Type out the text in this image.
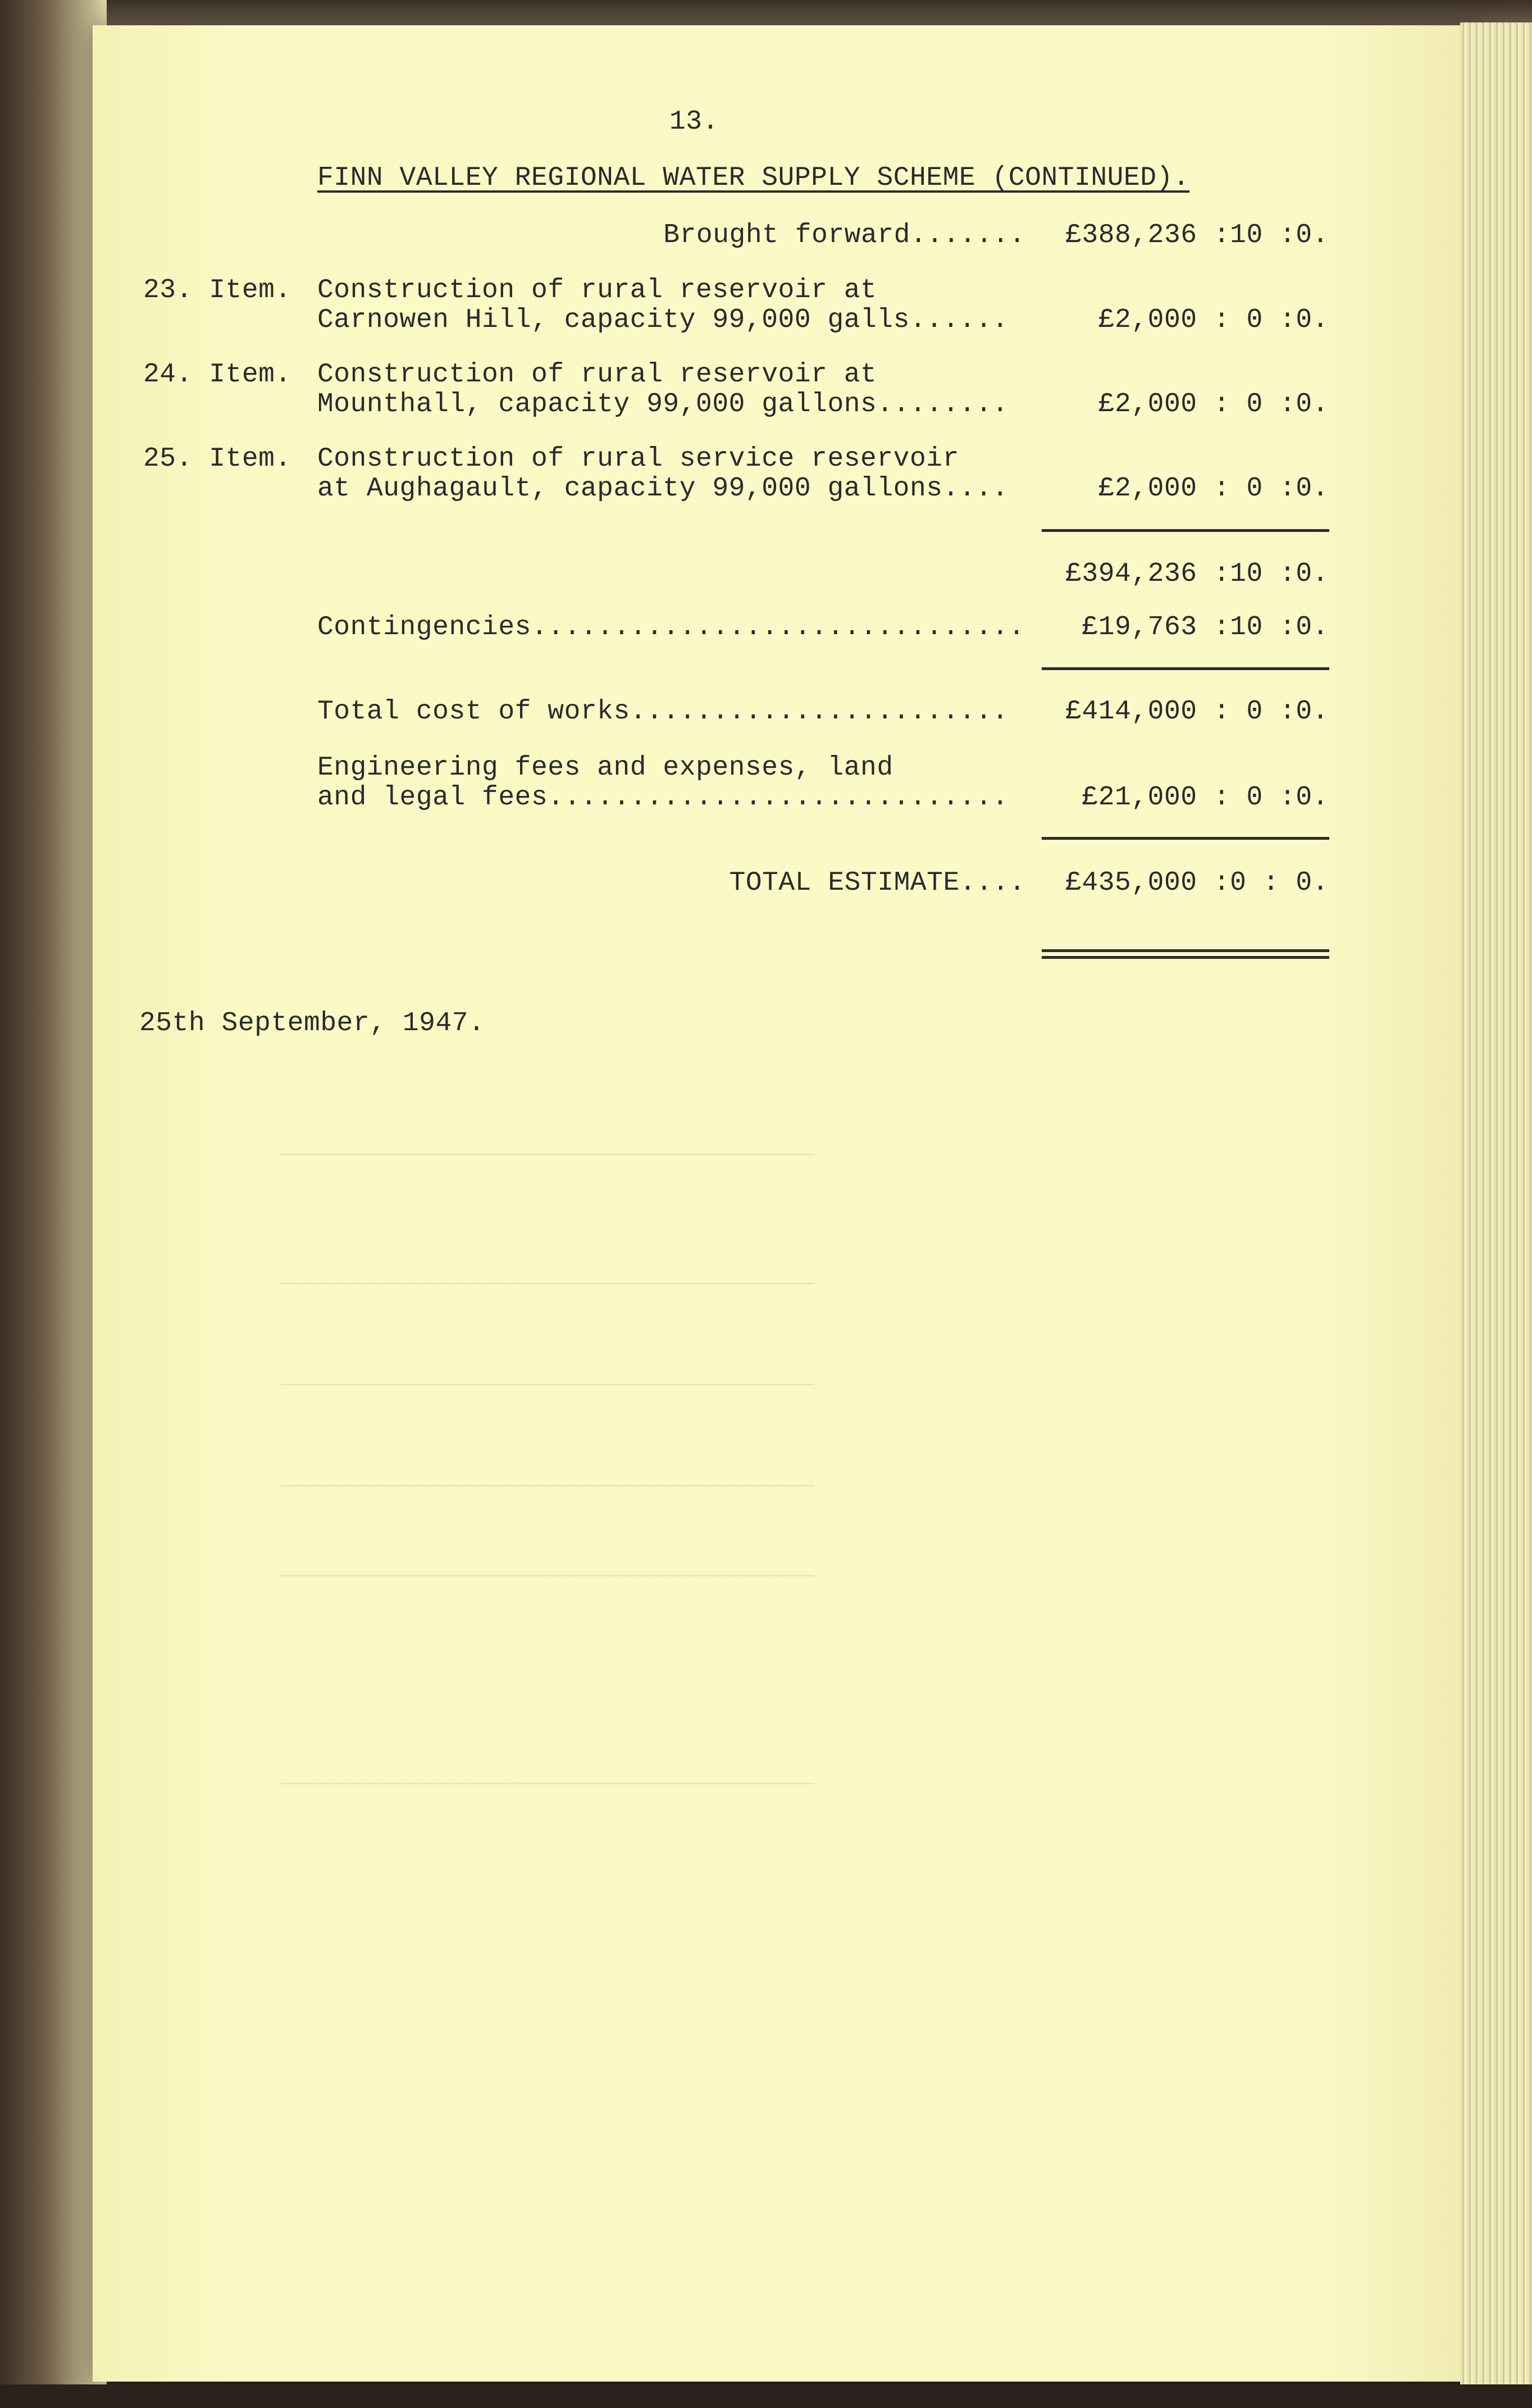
————————————————————————————————————
————————————————————————————————————
————————————————————————————————————
————————————————————————————————————
————————————————————————————————————
————————————————————————————————————
13.
FINN VALLEY REGIONAL WATER SUPPLY SCHEME (CONTINUED).
Brought forward....... £388,236 :10 :0.
23. Item. Construction of rural reservoir at
Carnowen Hill, capacity 99,000 galls......	£2,000 : 0 :0.
24. Item. Construction of rural reservoir at
Mounthall, capacity 99,000 gallons........	£2,000 : 0 :0.
25. Item. Construction of rural service reservoir
at Aughagault, capacity 99,000 gallons....	£2,000 : 0 :0.
£394,236 :10 :0.
Contingencies.............................. £19,763 :10 :0.
Total cost of works....................... £414,000 : 0 :0.
Engineering fees and expenses, land
and legal fees............................	£21,000 : 0 :0.
TOTAL ESTIMATE.... £435,000 :0 : 0.
25th September, 1947.
